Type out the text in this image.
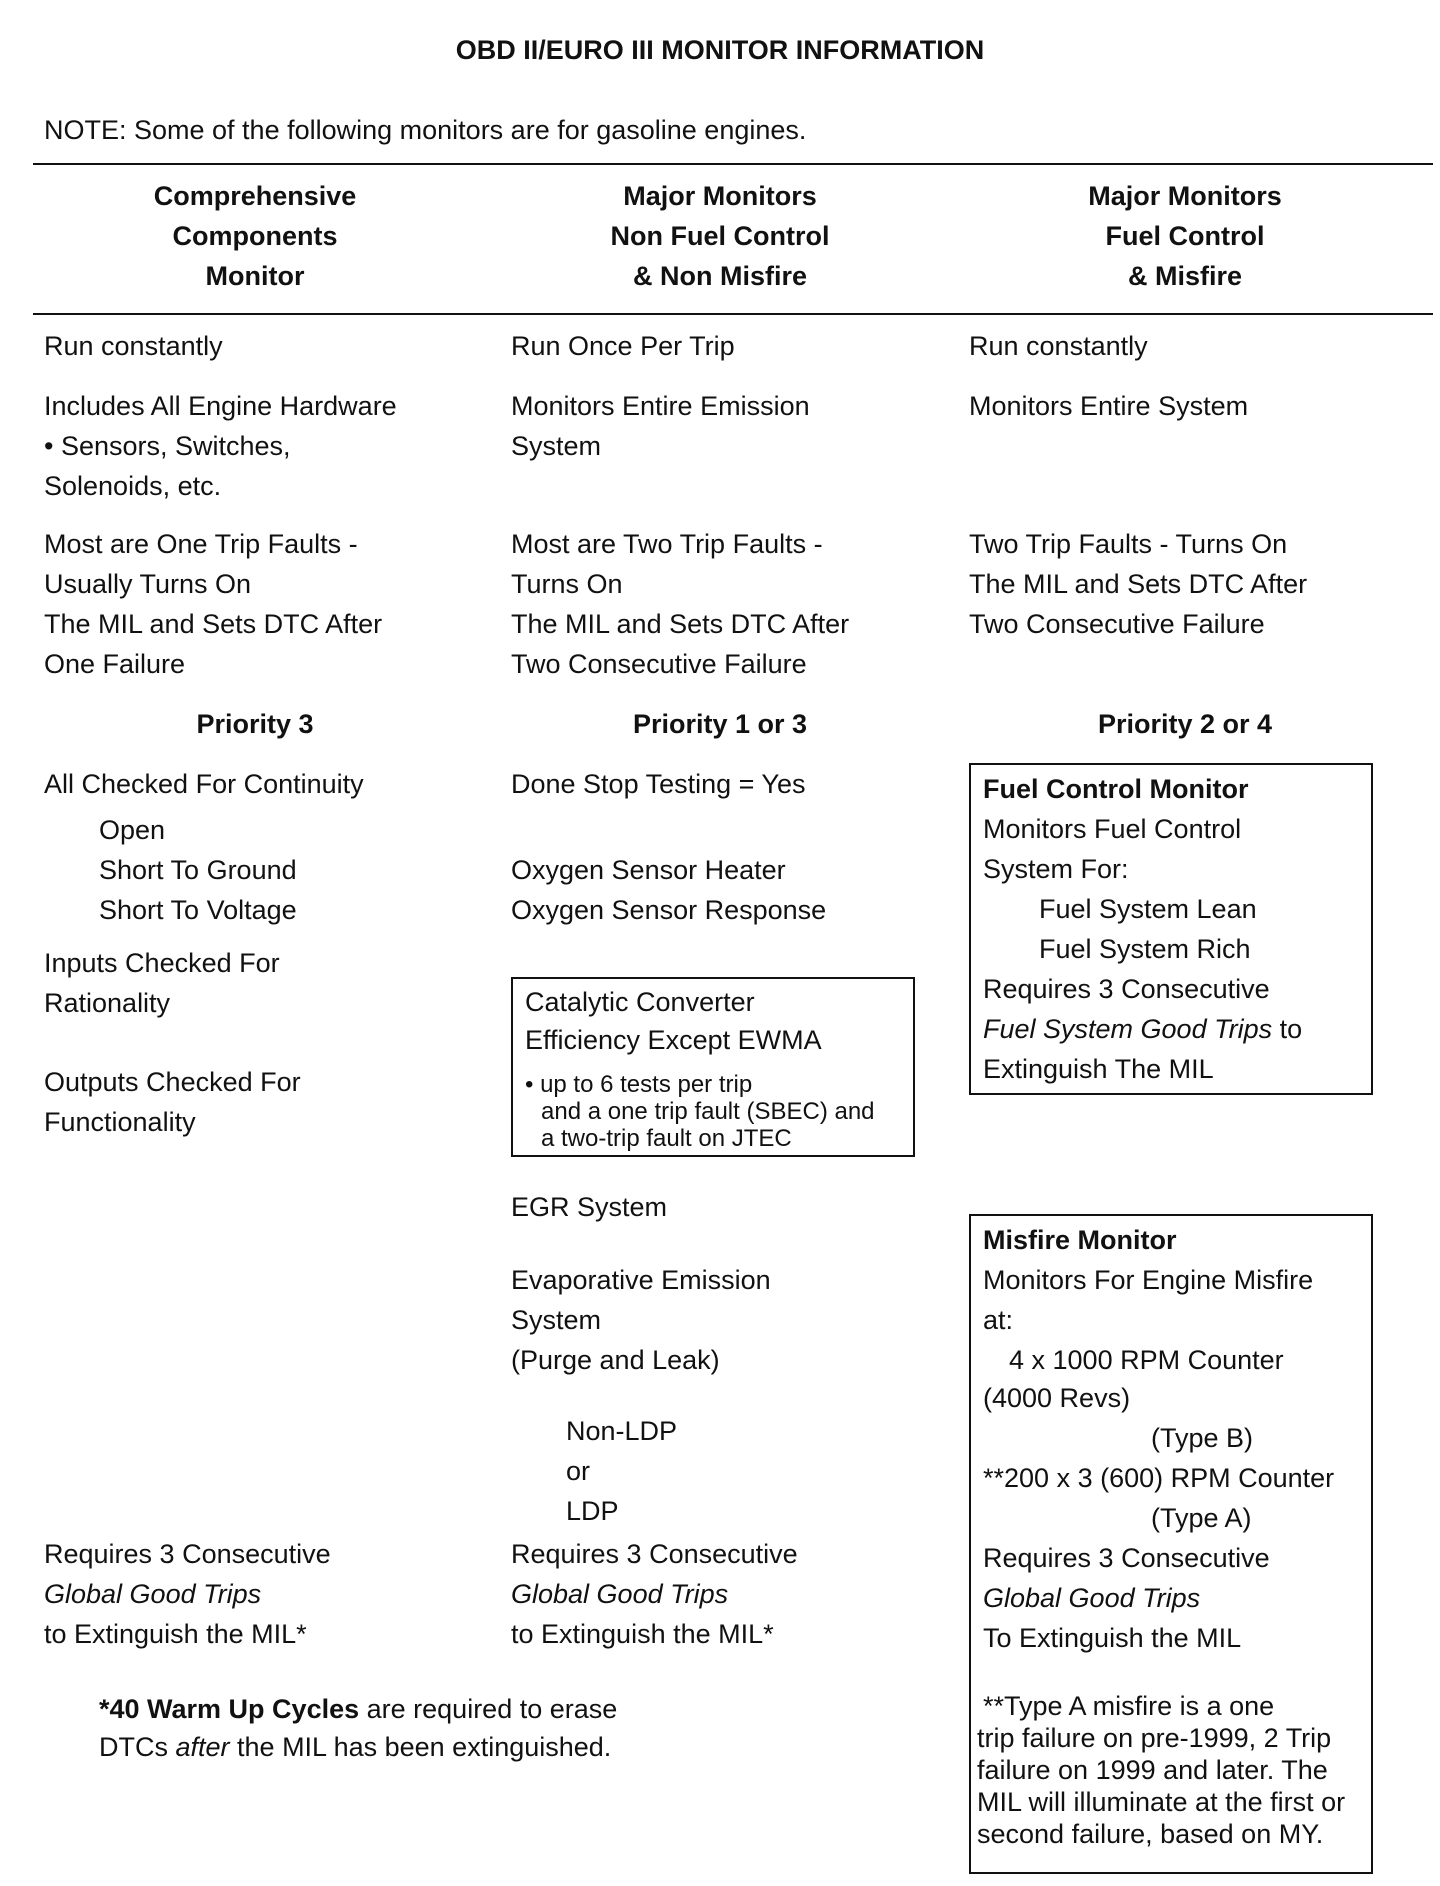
OBD II/EURO III MONITOR INFORMATION
NOTE: Some of the following monitors are for gasoline engines.
Comprehensive
Components
Monitor
Major Monitors
Non Fuel Control
& Non Misfire
Major Monitors
Fuel Control
& Misfire
Run constantly
Includes All Engine Hardware
• Sensors, Switches,
Solenoids, etc.
Most are One Trip Faults -
Usually Turns On
The MIL and Sets DTC After
One Failure
Priority 3
All Checked For Continuity
Open
Short To Ground
Short To Voltage
Inputs Checked For
Rationality
Outputs Checked For
Functionality
Requires 3 Consecutive
Global Good Trips
to Extinguish the MIL*
Run Once Per Trip
Monitors Entire Emission
System
Most are Two Trip Faults -
Turns On
The MIL and Sets DTC After
Two Consecutive Failure
Priority 1 or 3
Done Stop Testing = Yes
Oxygen Sensor Heater
Oxygen Sensor Response
Catalytic Converter
Efficiency Except EWMA
• up to 6 tests per trip
and a one trip fault (SBEC) and
a two-trip fault on JTEC
EGR System
Evaporative Emission
System
(Purge and Leak)
Non-LDP
or
LDP
Requires 3 Consecutive
Global Good Trips
to Extinguish the MIL*
Run constantly
Monitors Entire System
Two Trip Faults - Turns On
The MIL and Sets DTC After
Two Consecutive Failure
Priority 2 or 4
Fuel Control Monitor
Monitors Fuel Control
System For:
Fuel System Lean
Fuel System Rich
Requires 3 Consecutive
Fuel System Good Trips to
Extinguish The MIL
Misfire Monitor
Monitors For Engine Misfire
at:
4 x 1000 RPM Counter
(4000 Revs)
(Type B)
**200 x 3 (600) RPM Counter
(Type A)
Requires 3 Consecutive
Global Good Trips
To Extinguish the MIL
**Type A misfire is a one
trip failure on pre-1999, 2 Trip
failure on 1999 and later. The
MIL will illuminate at the first or
second failure, based on MY.
*40 Warm Up Cycles are required to erase
DTCs after the MIL has been extinguished.
